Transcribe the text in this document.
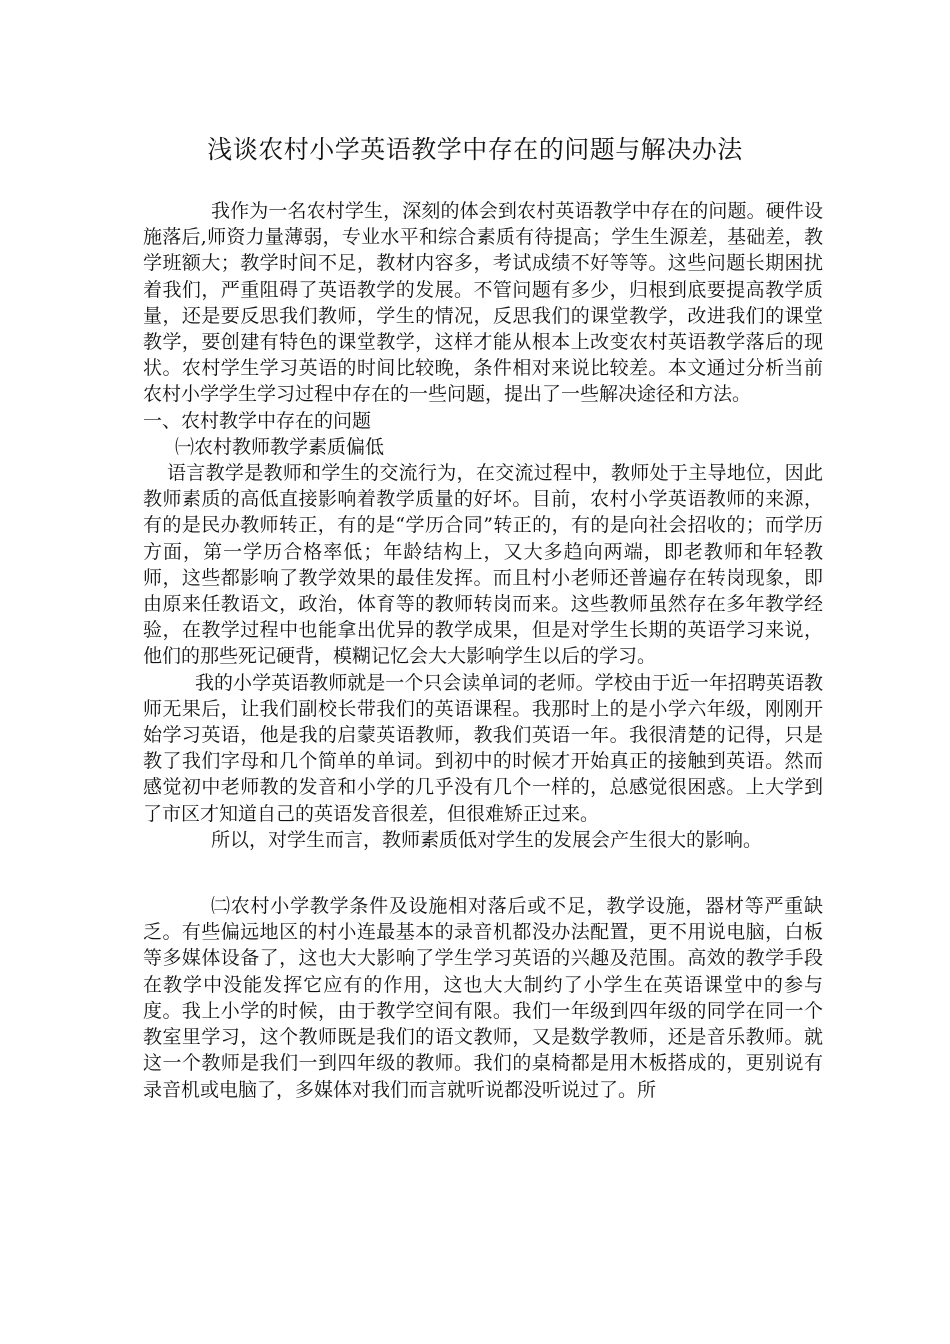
浅谈农村小学英语教学中存在的问题与解决办法

我作为一名农村学生，深刻的体会到农村英语教学中存在的问题。硬件设施落后,师资力量薄弱，专业水平和综合素质有待提高；学生生源差，基础差，教学班额大；教学时间不足，教材内容多，考试成绩不好等等。这些问题长期困扰着我们，严重阻碍了英语教学的发展。不管问题有多少，归根到底要提高教学质量，还是要反思我们教师，学生的情况，反思我们的课堂教学，改进我们的课堂教学，要创建有特色的课堂教学，这样才能从根本上改变农村英语教学落后的现状。农村学生学习英语的时间比较晚，条件相对来说比较差。本文通过分析当前农村小学学生学习过程中存在的一些问题，提出了一些解决途径和方法。

一、农村教学中存在的问题

㈠农村教师教学素质偏低

语言教学是教师和学生的交流行为，在交流过程中，教师处于主导地位，因此教师素质的高低直接影响着教学质量的好坏。目前，农村小学英语教师的来源，有的是民办教师转正，有的是“学历合同”转正的，有的是向社会招收的；而学历方面，第一学历合格率低；年龄结构上，又大多趋向两端，即老教师和年轻教师，这些都影响了教学效果的最佳发挥。而且村小老师还普遍存在转岗现象，即由原来任教语文，政治，体育等的教师转岗而来。这些教师虽然存在多年教学经验，在教学过程中也能拿出优异的教学成果，但是对学生长期的英语学习来说，他们的那些死记硬背，模糊记忆会大大影响学生以后的学习。

我的小学英语教师就是一个只会读单词的老师。学校由于近一年招聘英语教师无果后，让我们副校长带我们的英语课程。我那时上的是小学六年级，刚刚开始学习英语，他是我的启蒙英语教师，教我们英语一年。我很清楚的记得，只是教了我们字母和几个简单的单词。到初中的时候才开始真正的接触到英语。然而感觉初中老师教的发音和小学的几乎没有几个一样的，总感觉很困惑。上大学到了市区才知道自己的英语发音很差，但很难矫正过来。

所以，对学生而言，教师素质低对学生的发展会产生很大的影响。

㈡农村小学教学条件及设施相对落后或不足，教学设施，器材等严重缺乏。有些偏远地区的村小连最基本的录音机都没办法配置，更不用说电脑，白板等多媒体设备了，这也大大影响了学生学习英语的兴趣及范围。高效的教学手段在教学中没能发挥它应有的作用，这也大大制约了小学生在英语课堂中的参与度。我上小学的时候，由于教学空间有限。我们一年级到四年级的同学在同一个教室里学习，这个教师既是我们的语文教师，又是数学教师，还是音乐教师。就这一个教师是我们一到四年级的教师。我们的桌椅都是用木板搭成的，更别说有录音机或电脑了，多媒体对我们而言就听说都没听说过了。所
